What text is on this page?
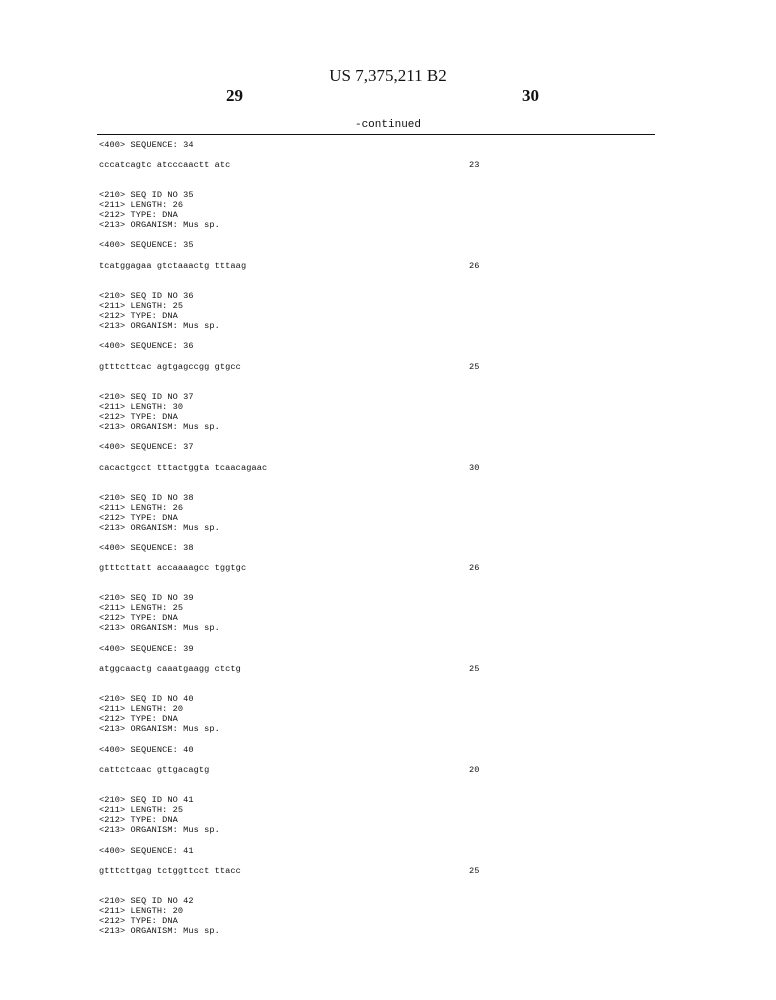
US 7,375,211 B2
29	30
-continued
<400> SEQUENCE: 34
cccatcagtc atcccaactt atc	23
<210> SEQ ID NO 35
<211> LENGTH: 26
<212> TYPE: DNA
<213> ORGANISM: Mus sp.
<400> SEQUENCE: 35
tcatggagaa gtctaaactg tttaag	26
<210> SEQ ID NO 36
<211> LENGTH: 25
<212> TYPE: DNA
<213> ORGANISM: Mus sp.
<400> SEQUENCE: 36
gtttcttcac agtgagccgg gtgcc	25
<210> SEQ ID NO 37
<211> LENGTH: 30
<212> TYPE: DNA
<213> ORGANISM: Mus sp.
<400> SEQUENCE: 37
cacactgcct tttactggta tcaacagaac	30
<210> SEQ ID NO 38
<211> LENGTH: 26
<212> TYPE: DNA
<213> ORGANISM: Mus sp.
<400> SEQUENCE: 38
gtttcttatt accaaaagcc tggtgc	26
<210> SEQ ID NO 39
<211> LENGTH: 25
<212> TYPE: DNA
<213> ORGANISM: Mus sp.
<400> SEQUENCE: 39
atggcaactg caaatgaagg ctctg	25
<210> SEQ ID NO 40
<211> LENGTH: 20
<212> TYPE: DNA
<213> ORGANISM: Mus sp.
<400> SEQUENCE: 40
cattctcaac gttgacagtg	20
<210> SEQ ID NO 41
<211> LENGTH: 25
<212> TYPE: DNA
<213> ORGANISM: Mus sp.
<400> SEQUENCE: 41
gtttcttgag tctggttcct ttacc	25
<210> SEQ ID NO 42
<211> LENGTH: 20
<212> TYPE: DNA
<213> ORGANISM: Mus sp.
